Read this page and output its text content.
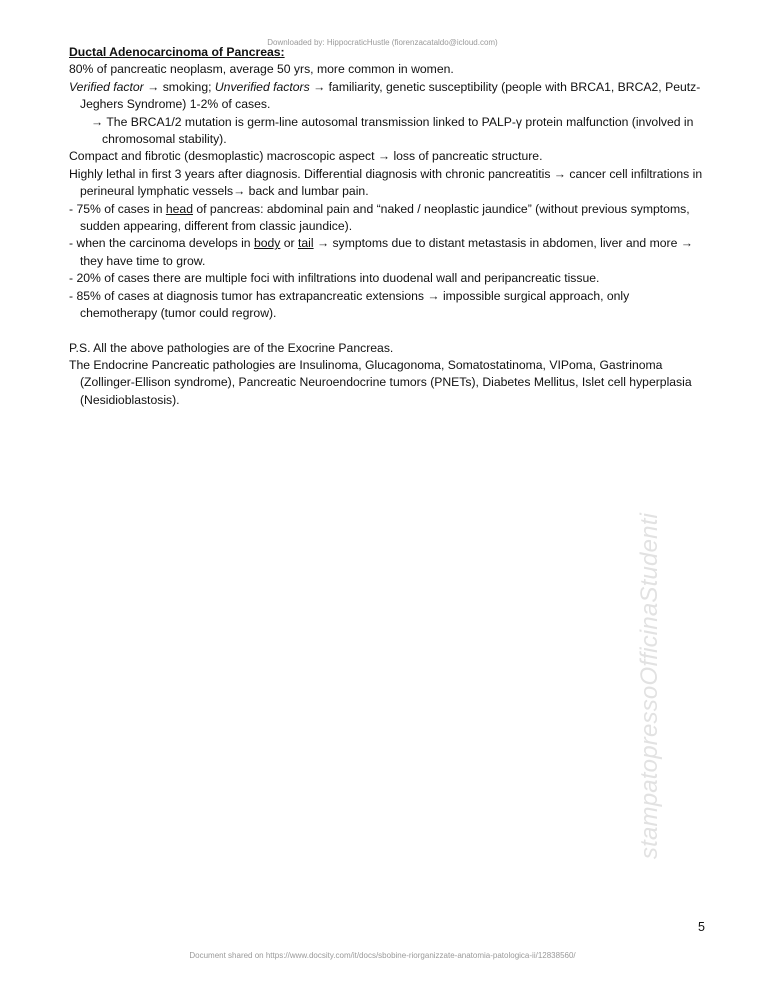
Downloaded by: HippocraticHustle (fiorenzacataldo@icloud.com)

Ductal Adenocarcinoma of Pancreas:

80% of pancreatic neoplasm, average 50 yrs, more common in women.

Verified factor → smoking; Unverified factors → familiarity, genetic susceptibility (people with BRCA1, BRCA2, Peutz-Jeghers Syndrome) 1-2% of cases.

→ The BRCA1/2 mutation is germ-line autosomal transmission linked to PALP-γ protein malfunction (involved in chromosomal stability).

Compact and fibrotic (desmoplastic) macroscopic aspect → loss of pancreatic structure.

Highly lethal in first 3 years after diagnosis. Differential diagnosis with chronic pancreatitis → cancer cell infiltrations in perineural lymphatic vessels→ back and lumbar pain.

- 75% of cases in head of pancreas: abdominal pain and “naked / neoplastic jaundice” (without previous symptoms, sudden appearing, different from classic jaundice).

- when the carcinoma develops in body or tail → symptoms due to distant metastasis in abdomen, liver and more → they have time to grow.

- 20% of cases there are multiple foci with infiltrations into duodenal wall and peripancreatic tissue.

- 85% of cases at diagnosis tumor has extrapancreatic extensions → impossible surgical approach, only chemotherapy (tumor could regrow).

P.S. All the above pathologies are of the Exocrine Pancreas.

The Endocrine Pancreatic pathologies are Insulinoma, Glucagonoma, Somatostatinoma, VIPoma, Gastrinoma (Zollinger-Ellison syndrome), Pancreatic Neuroendocrine tumors (PNETs), Diabetes Mellitus, Islet cell hyperplasia (Nesidioblastosis).

stampatopressoOfficinaStudenti
5
Document shared on https://www.docsity.com/it/docs/sbobine-riorganizzate-anatomia-patologica-ii/12838560/
